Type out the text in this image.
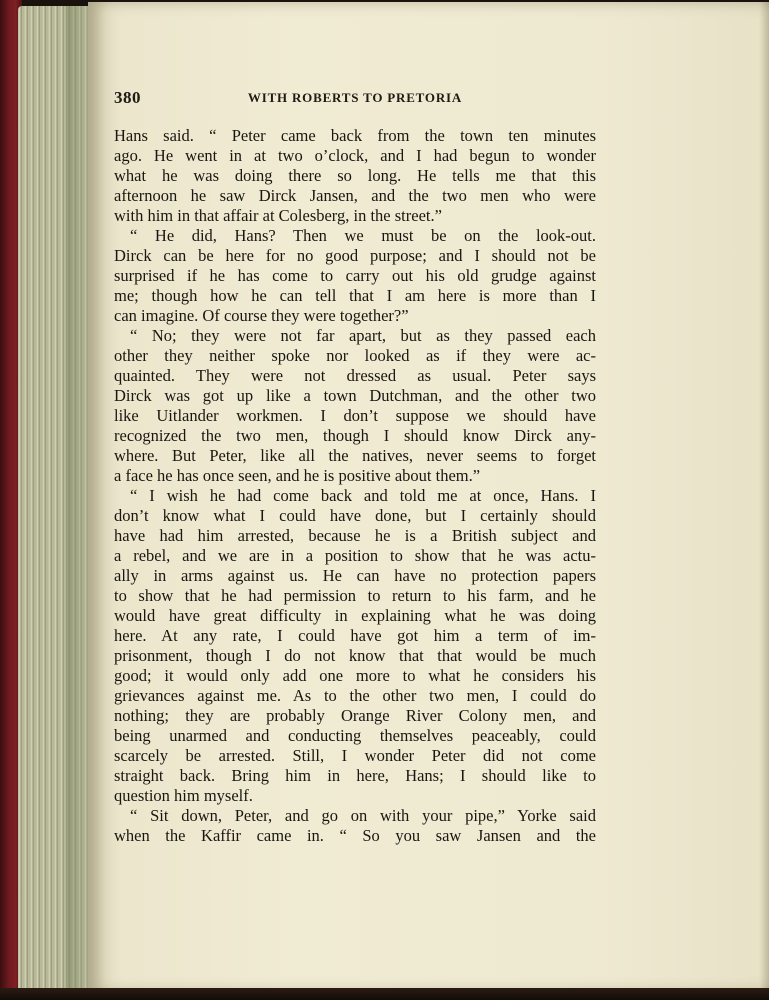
380	WITH ROBERTS TO PRETORIA
Hans said. “ Peter came back from the town ten minutes
ago. He went in at two o’clock, and I had begun to wonder
what he was doing there so long. He tells me that this
afternoon he saw Dirck Jansen, and the two men who were
with him in that affair at Colesberg, in the street.”
“ He did, Hans? Then we must be on the look-out.
Dirck can be here for no good purpose; and I should not be
surprised if he has come to carry out his old grudge against
me; though how he can tell that I am here is more than I
can imagine. Of course they were together?”
“ No; they were not far apart, but as they passed each
other they neither spoke nor looked as if they were ac-
quainted. They were not dressed as usual. Peter says
Dirck was got up like a town Dutchman, and the other two
like Uitlander workmen. I don’t suppose we should have
recognized the two men, though I should know Dirck any-
where. But Peter, like all the natives, never seems to forget
a face he has once seen, and he is positive about them.”
“ I wish he had come back and told me at once, Hans. I
don’t know what I could have done, but I certainly should
have had him arrested, because he is a British subject and
a rebel, and we are in a position to show that he was actu-
ally in arms against us. He can have no protection papers
to show that he had permission to return to his farm, and he
would have great difficulty in explaining what he was doing
here. At any rate, I could have got him a term of im-
prisonment, though I do not know that that would be much
good; it would only add one more to what he considers his
grievances against me. As to the other two men, I could do
nothing; they are probably Orange River Colony men, and
being unarmed and conducting themselves peaceably, could
scarcely be arrested. Still, I wonder Peter did not come
straight back. Bring him in here, Hans; I should like to
question him myself.
“ Sit down, Peter, and go on with your pipe,” Yorke said
when the Kaffir came in. “ So you saw Jansen and the
